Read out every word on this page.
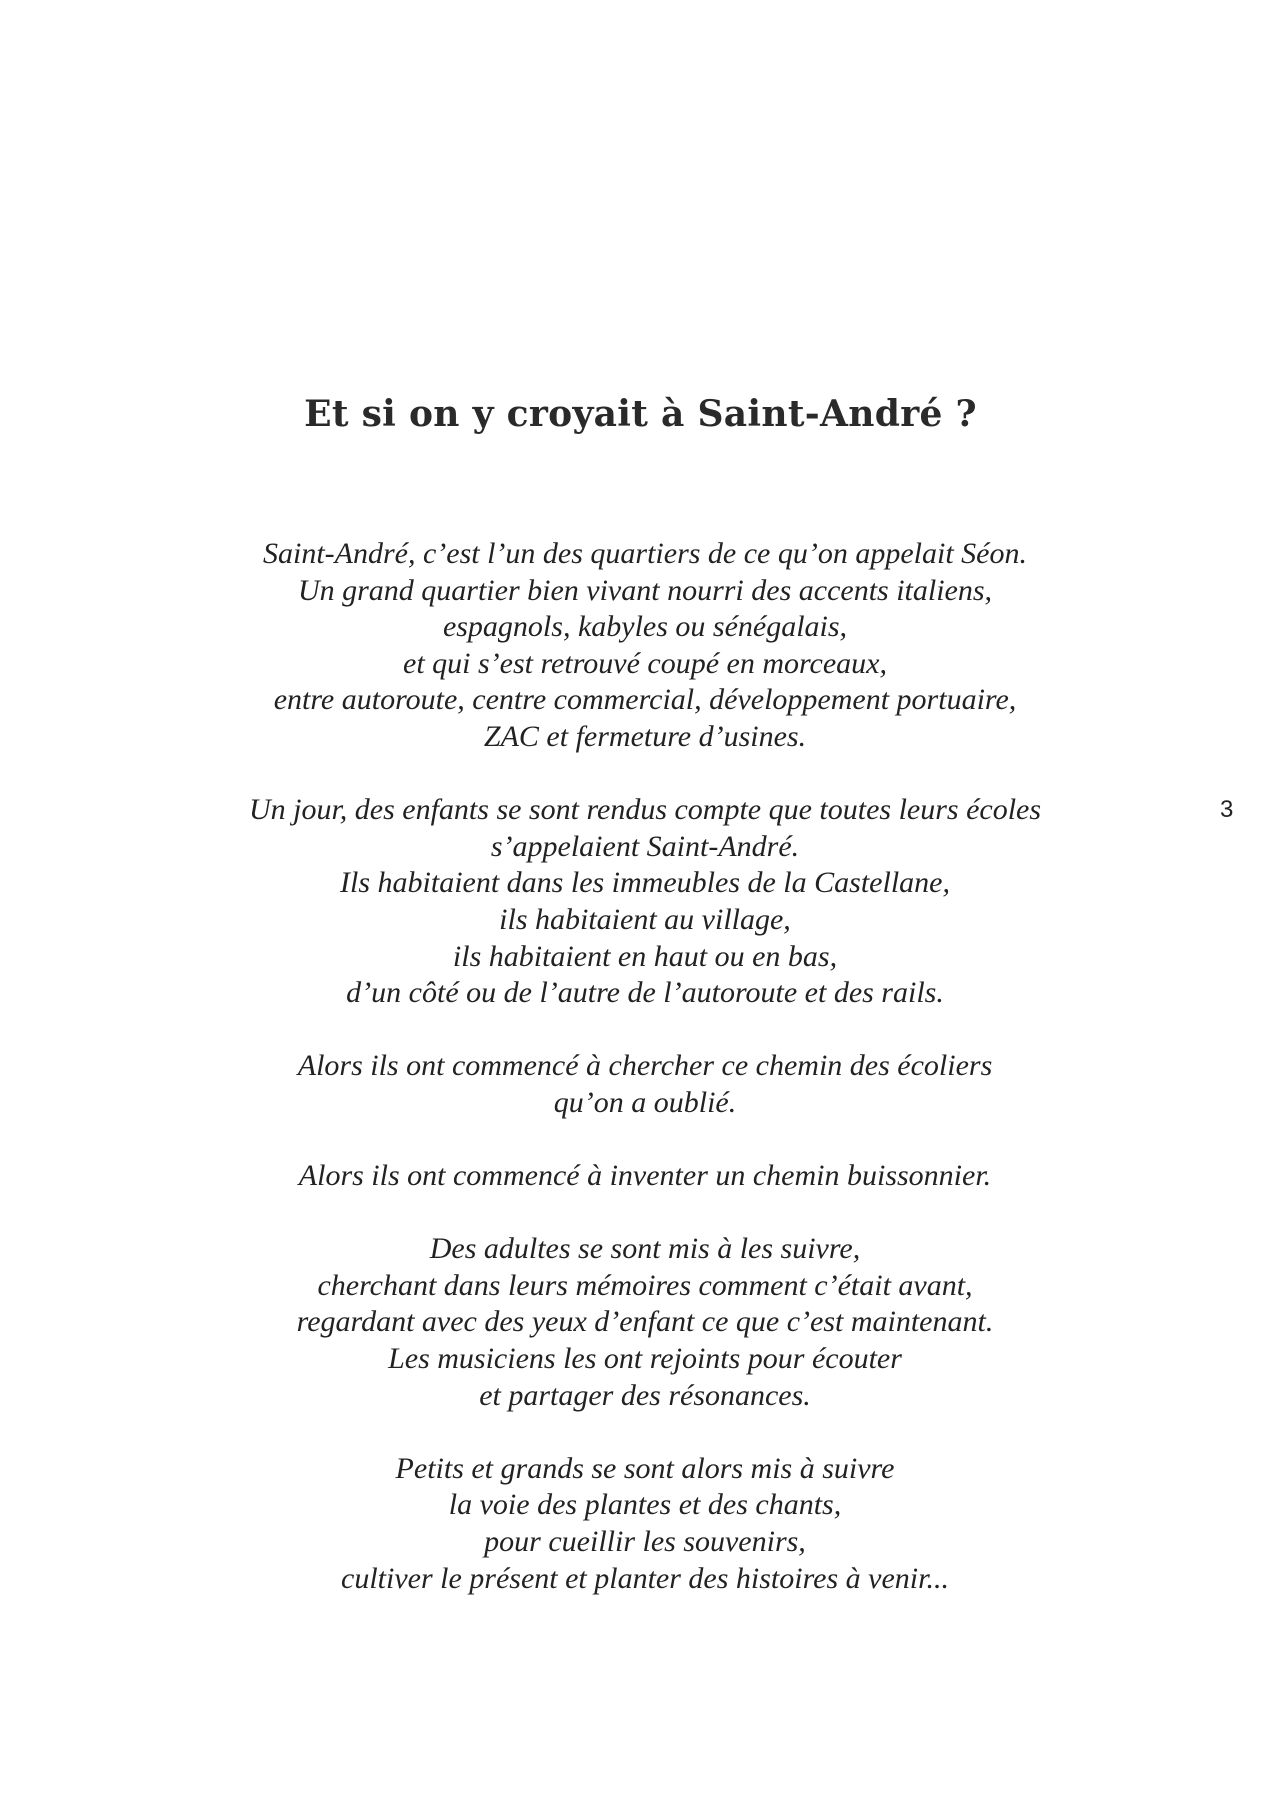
Et si on y croyait à Saint-André ?

Saint-André, c’est l’un des quartiers de ce qu’on appelait Séon.
Un grand quartier bien vivant nourri des accents italiens,
espagnols, kabyles ou sénégalais,
et qui s’est retrouvé coupé en morceaux,
entre autoroute, centre commercial, développement portuaire,
ZAC et fermeture d’usines.

Un jour, des enfants se sont rendus compte que toutes leurs écoles
s’appelaient Saint-André.
Ils habitaient dans les immeubles de la Castellane,
ils habitaient au village,
ils habitaient en haut ou en bas,
d’un côté ou de l’autre de l’autoroute et des rails.

Alors ils ont commencé à chercher ce chemin des écoliers
qu’on a oublié.

Alors ils ont commencé à inventer un chemin buissonnier.

Des adultes se sont mis à les suivre,
cherchant dans leurs mémoires comment c’était avant,
regardant avec des yeux d’enfant ce que c’est maintenant.
Les musiciens les ont rejoints pour écouter
et partager des résonances.

Petits et grands se sont alors mis à suivre
la voie des plantes et des chants,
pour cueillir les souvenirs,
cultiver le présent et planter des histoires à venir...

3
